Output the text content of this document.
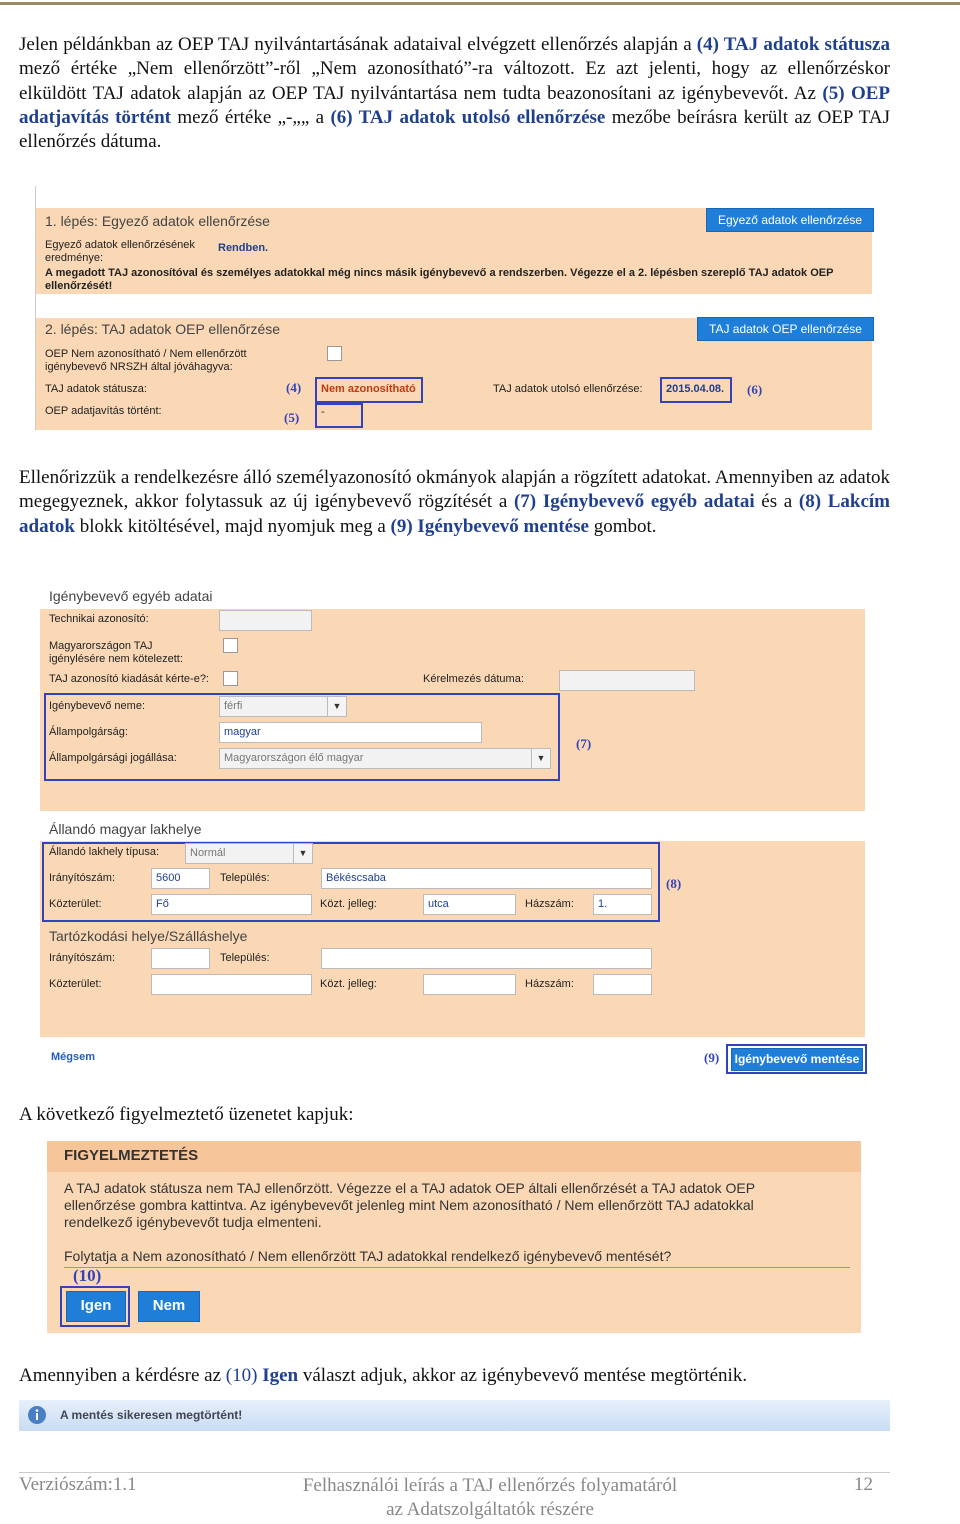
Jelen példánkban az OEP TAJ nyilvántartásának adataival elvégzett ellenőrzés alapján a (4) TAJ adatok státusza mező értéke „Nem ellenőrzött”-ről „Nem azonosítható”-ra változott. Ez azt jelenti, hogy az ellenőrzéskor elküldött TAJ adatok alapján az OEP TAJ nyilvántartása nem tudta beazonosítani az igénybevevőt. Az (5) OEP adatjavítás történt mező értéke „-„„ a (6) TAJ adatok utolsó ellenőrzése mezőbe beírásra került az OEP TAJ ellenőrzés dátuma.

1. lépés: Egyező adatok ellenőrzése	Egyező adatok ellenőrzése
Egyező adatok ellenőrzésének eredménye:
Rendben.
A megadott TAJ azonosítóval és személyes adatokkal még nincs másik igénybevevő a rendszerben. Végezze el a 2. lépésben szereplő TAJ adatok OEP ellenőrzését!
2. lépés: TAJ adatok OEP ellenőrzése	TAJ adatok OEP ellenőrzése
OEP Nem azonosítható / Nem ellenőrzött igénybevevő NRSZH által jóváhagyva:
TAJ adatok státusza:	(4) Nem azonosítható	TAJ adatok utolsó ellenőrzése: 2015.04.08. (6)
OEP adatjavítás történt:	-
(5)

Ellenőrizzük a rendelkezésre álló személyazonosító okmányok alapján a rögzített adatokat. Amennyiben az adatok megegyeznek, akkor folytassuk az új igénybevevő rögzítését a (7) Igénybevevő egyéb adatai és a (8) Lakcím adatok blokk kitöltésével, majd nyomjuk meg a (9) Igénybevevő mentése gombot.

Igénybevevő egyéb adatai
Technikai azonosító:
Magyarországon TAJ igénylésére nem kötelezett:
TAJ azonosító kiadását kérte-e?:	Kérelmezés dátuma:
Igénybevevő neme:	férfi	▼
Állampolgárság:	magyar
Állampolgársági jogállása:	Magyarországon élő magyar	▼
(7)
Állandó magyar lakhelye
Állandó lakhely típusa:	Normál	▼
Irányítószám:	5600	Település:	Békéscsaba	(8)
Közterület:	Fő	Közt. jelleg:	utca	Házszám:	1.
Tartózkodási helye/Szálláshelye
Irányítószám:	Település:
Közterület:	Közt. jelleg:	Házszám:
Mégsem	(9)	Igénybevevő mentése

A következő figyelmeztető üzenetet kapjuk:

FIGYELMEZTETÉS
A TAJ adatok státusza nem TAJ ellenőrzött. Végezze el a TAJ adatok OEP általi ellenőrzését a TAJ adatok OEP ellenőrzése gombra kattintva. Az igénybevevőt jelenleg mint Nem azonosítható / Nem ellenőrzött TAJ adatokkal rendelkező igénybevevőt tudja elmenteni.
Folytatja a Nem azonosítható / Nem ellenőrzött TAJ adatokkal rendelkező igénybevevő mentését?
(10)
Igen	Nem

Amennyiben a kérdésre az (10) Igen választ adjuk, akkor az igénybevevő mentése megtörténik.

A mentés sikeresen megtörtént!
Verziószám:1.1	Felhasználói leírás a TAJ ellenőrzés folyamatáról
az Adatszolgáltatók részére
12
